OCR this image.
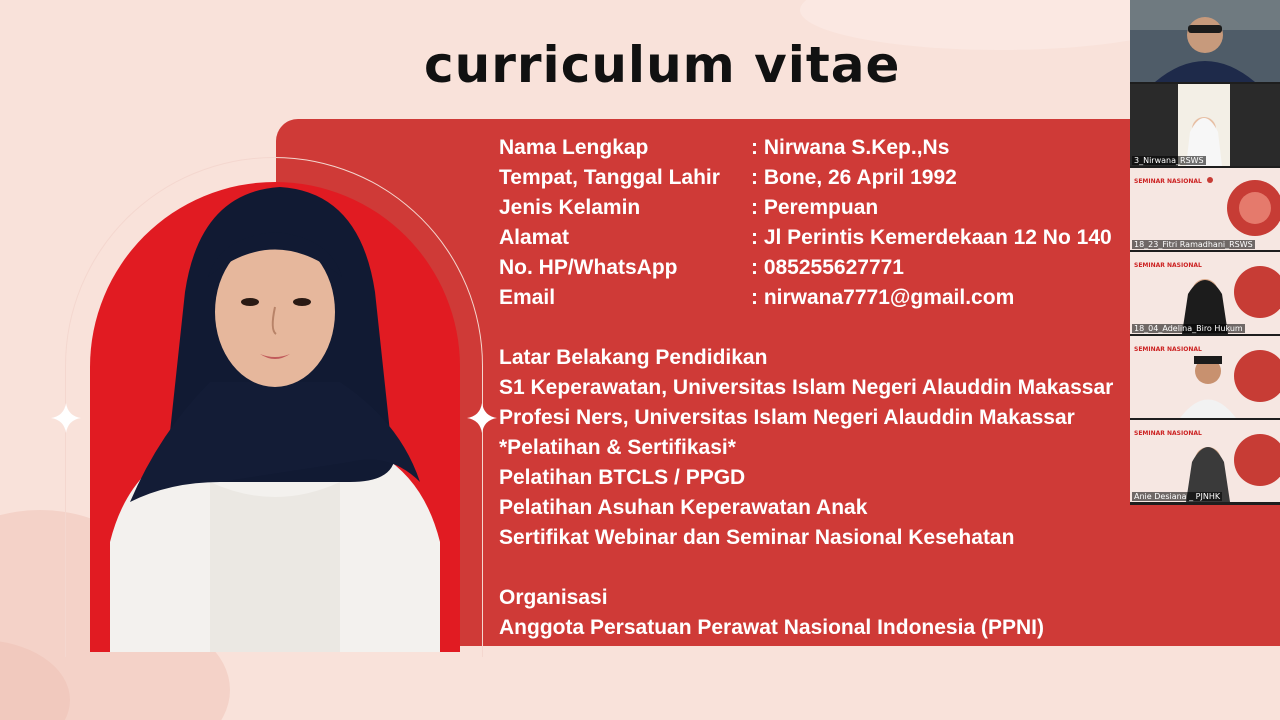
curriculum vitae
Nama Lengkap	: Nirwana S.Kep.,Ns
Tempat, Tanggal Lahir	: Bone, 26 April 1992
Jenis Kelamin	: Perempuan
Alamat	: Jl Perintis Kemerdekaan 12 No 140
No. HP/WhatsApp	: 085255627771
Email	: nirwana7771@gmail.com
Latar Belakang Pendidikan
S1 Keperawatan, Universitas Islam Negeri Alauddin Makassar
Profesi Ners, Universitas Islam Negeri Alauddin Makassar
*Pelatihan & Sertifikasi*
Pelatihan BTCLS / PPGD
Pelatihan Asuhan Keperawatan Anak
Sertifikat Webinar dan Seminar Nasional Kesehatan
Organisasi
Anggota Persatuan Perawat Nasional Indonesia (PPNI)
3_Nirwana_RSWS
SEMINAR NASIONAL
18_23_Fitri Ramadhani_RSWS
SEMINAR NASIONAL
18_04_Adelina_Biro Hukum
SEMINAR NASIONAL
SEMINAR NASIONAL
Anie Desiana _ PJNHK
